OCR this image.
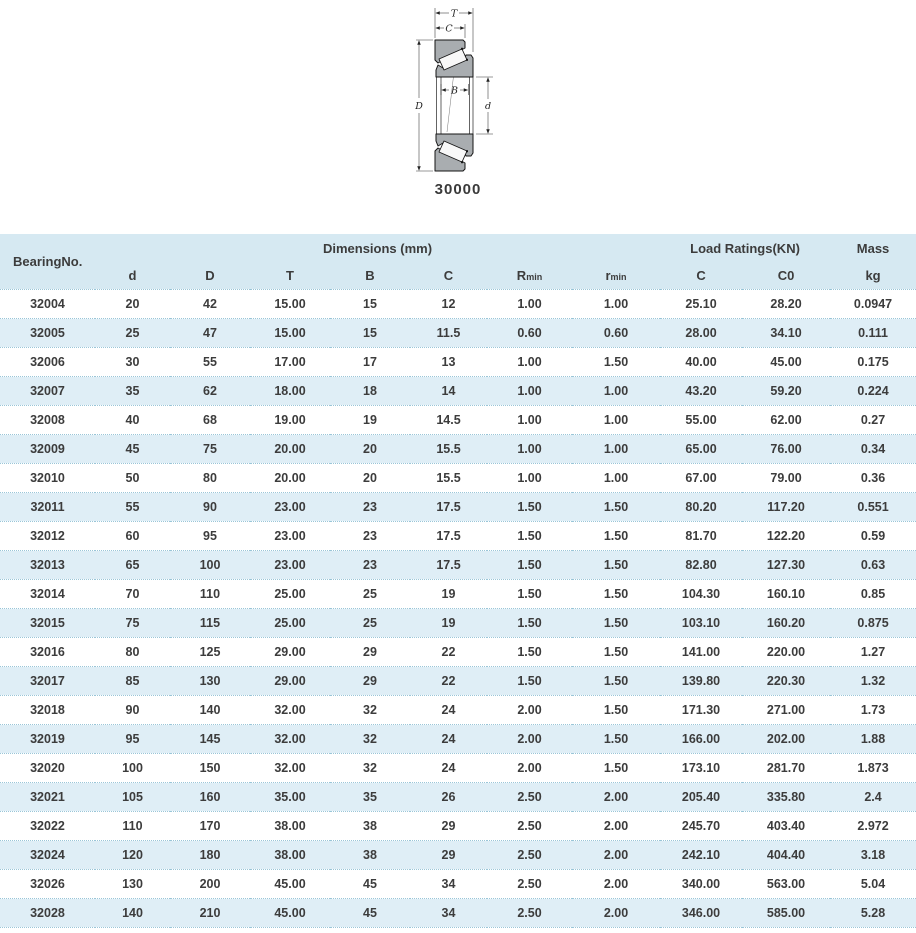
T
C
B
D	d
30000
BearingNo.	Dimensions (mm)							Load Ratings(KN)		Mass
	d	D	T	B	C	Rmin	rmin	C	C0	kg
32004	20	42	15.00	15	12	1.00	1.00	25.10	28.20	0.0947
32005	25	47	15.00	15	11.5	0.60	0.60	28.00	34.10	0.111
32006	30	55	17.00	17	13	1.00	1.50	40.00	45.00	0.175
32007	35	62	18.00	18	14	1.00	1.00	43.20	59.20	0.224
32008	40	68	19.00	19	14.5	1.00	1.00	55.00	62.00	0.27
32009	45	75	20.00	20	15.5	1.00	1.00	65.00	76.00	0.34
32010	50	80	20.00	20	15.5	1.00	1.00	67.00	79.00	0.36
32011	55	90	23.00	23	17.5	1.50	1.50	80.20	117.20	0.551
32012	60	95	23.00	23	17.5	1.50	1.50	81.70	122.20	0.59
32013	65	100	23.00	23	17.5	1.50	1.50	82.80	127.30	0.63
32014	70	110	25.00	25	19	1.50	1.50	104.30	160.10	0.85
32015	75	115	25.00	25	19	1.50	1.50	103.10	160.20	0.875
32016	80	125	29.00	29	22	1.50	1.50	141.00	220.00	1.27
32017	85	130	29.00	29	22	1.50	1.50	139.80	220.30	1.32
32018	90	140	32.00	32	24	2.00	1.50	171.30	271.00	1.73
32019	95	145	32.00	32	24	2.00	1.50	166.00	202.00	1.88
32020	100	150	32.00	32	24	2.00	1.50	173.10	281.70	1.873
32021	105	160	35.00	35	26	2.50	2.00	205.40	335.80	2.4
32022	110	170	38.00	38	29	2.50	2.00	245.70	403.40	2.972
32024	120	180	38.00	38	29	2.50	2.00	242.10	404.40	3.18
32026	130	200	45.00	45	34	2.50	2.00	340.00	563.00	5.04
32028	140	210	45.00	45	34	2.50	2.00	346.00	585.00	5.28
